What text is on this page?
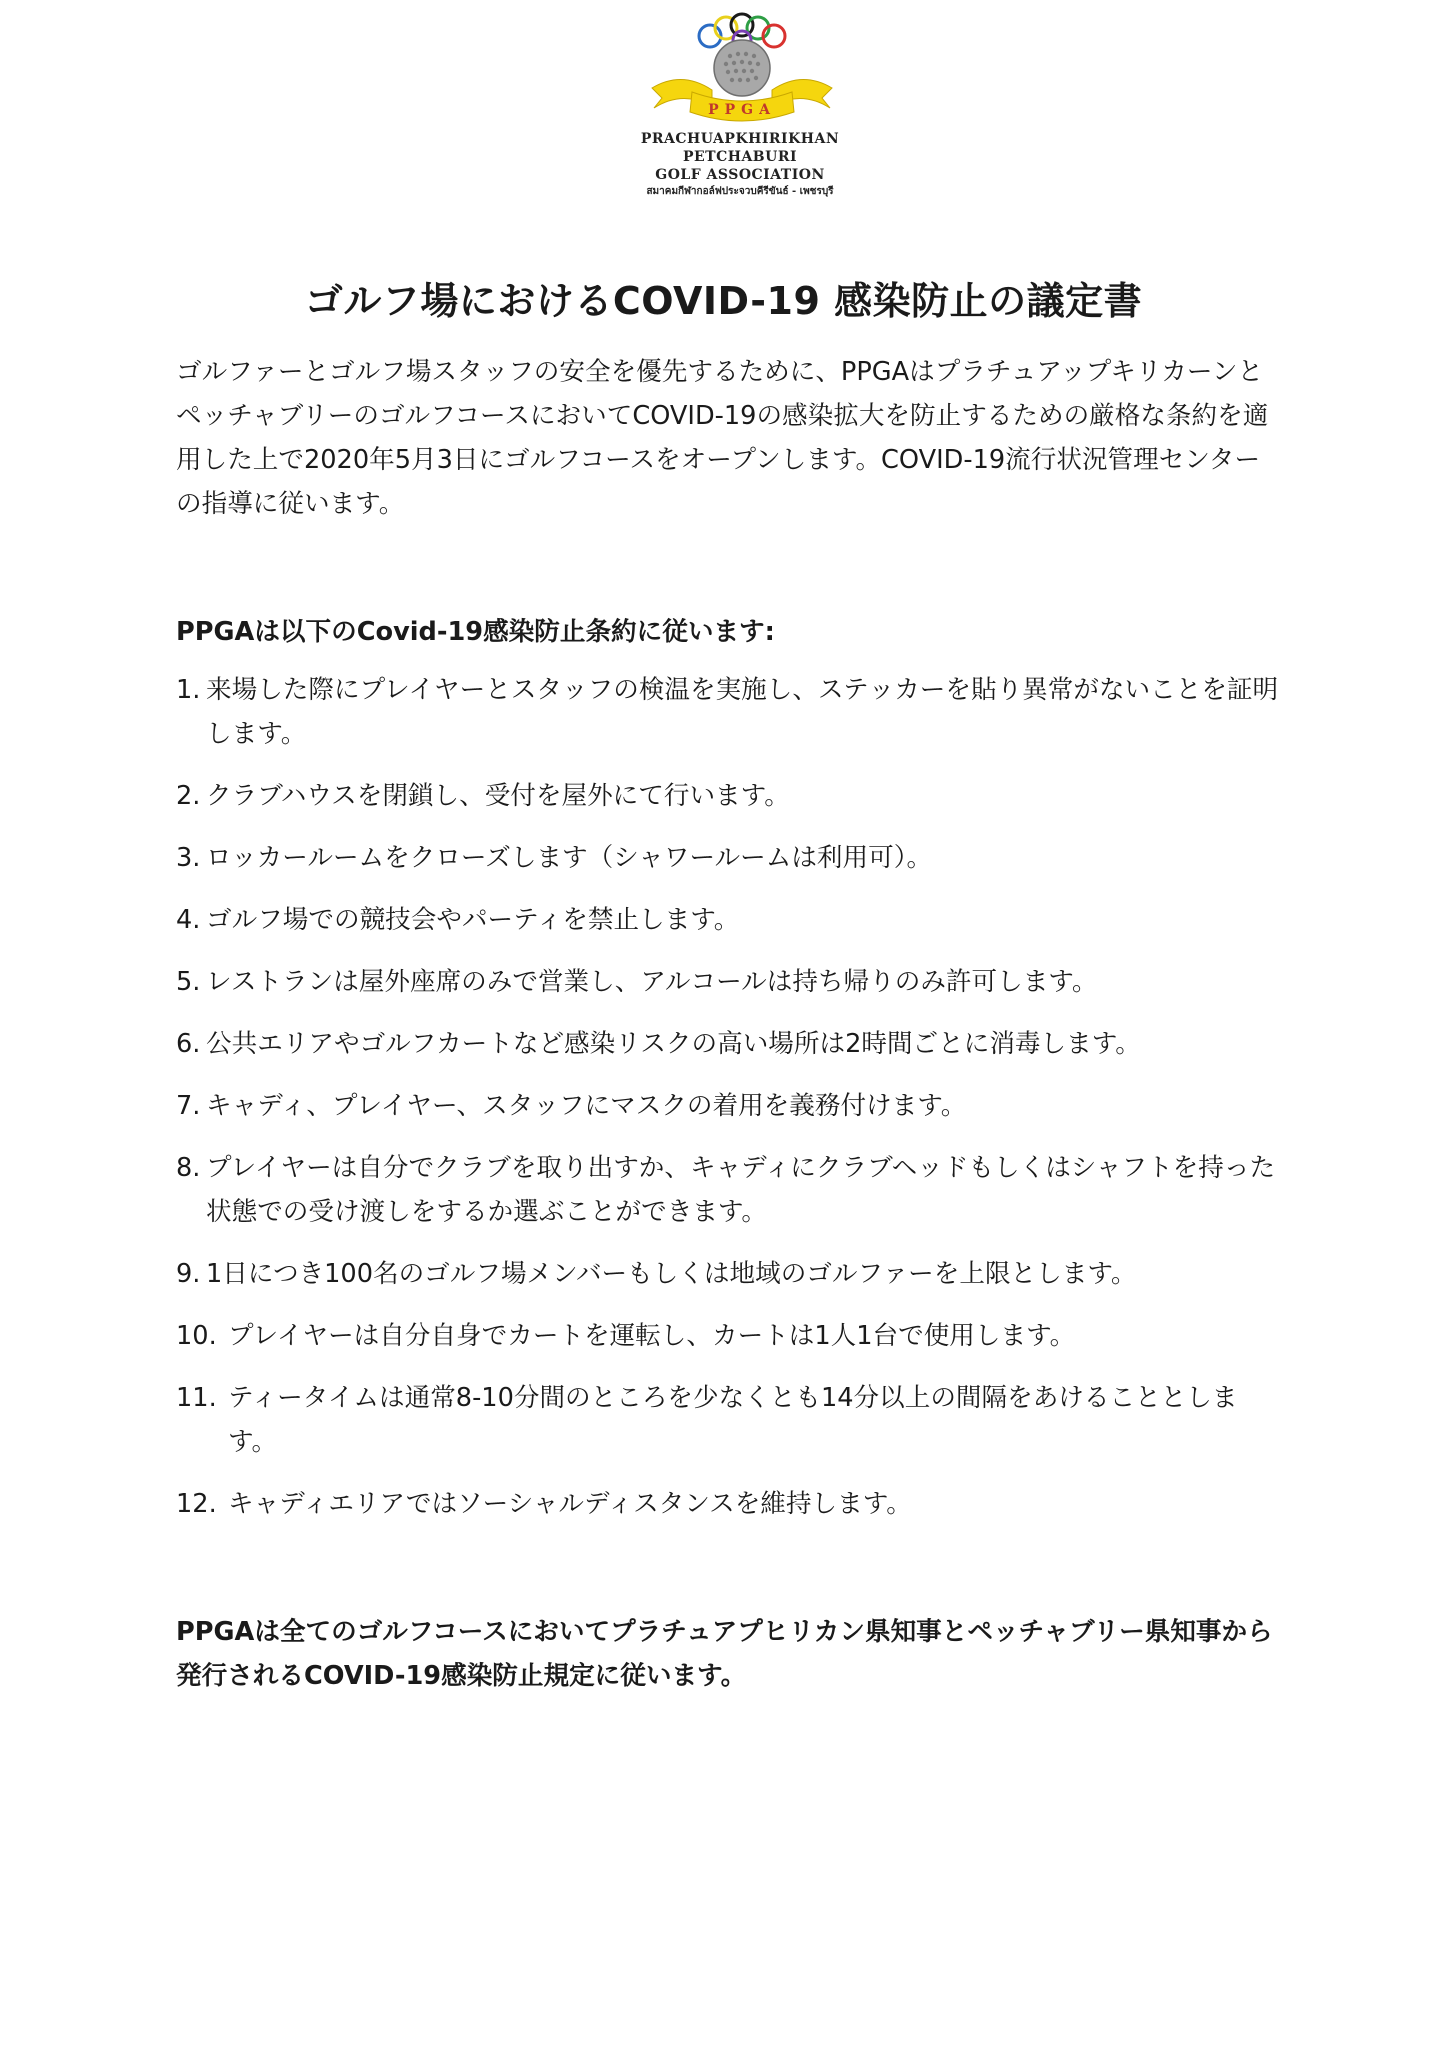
PPGA
PRACHUAPKHIRIKHAN
PETCHABURI
GOLF ASSOCIATION
สมาคมกีฬากอล์ฟประจวบคีรีขันธ์ - เพชรบุรี
ゴルフ場におけるCOVID-19 感染防止の議定書

ゴルファーとゴルフ場スタッフの安全を優先するために、PPGAはプラチュアップキリカーンとペッチャブリーのゴルフコースにおいてCOVID-19の感染拡大を防止するための厳格な条約を適用した上で2020年5月3日にゴルフコースをオープンします。COVID-19流行状況管理センターの指導に従います。

PPGAは以下のCovid-19感染防止条約に従います:

1. 来場した際にプレイヤーとスタッフの検温を実施し、ステッカーを貼り異常がないことを証明します。
2. クラブハウスを閉鎖し、受付を屋外にて行います。
3. ロッカールームをクローズします（シャワールームは利用可）。
4. ゴルフ場での競技会やパーティを禁止します。
5. レストランは屋外座席のみで営業し、アルコールは持ち帰りのみ許可します。
6. 公共エリアやゴルフカートなど感染リスクの高い場所は2時間ごとに消毒します。
7. キャディ、プレイヤー、スタッフにマスクの着用を義務付けます。
8. プレイヤーは自分でクラブを取り出すか、キャディにクラブヘッドもしくはシャフトを持った状態での受け渡しをするか選ぶことができます。
9. 1日につき100名のゴルフ場メンバーもしくは地域のゴルファーを上限とします。
10. プレイヤーは自分自身でカートを運転し、カートは1人1台で使用します。
11. ティータイムは通常8-10分間のところを少なくとも14分以上の間隔をあけることとします。
12. キャディエリアではソーシャルディスタンスを維持します。

PPGAは全てのゴルフコースにおいてプラチュアプヒリカン県知事とペッチャブリー県知事から発行されるCOVID-19感染防止規定に従います。
